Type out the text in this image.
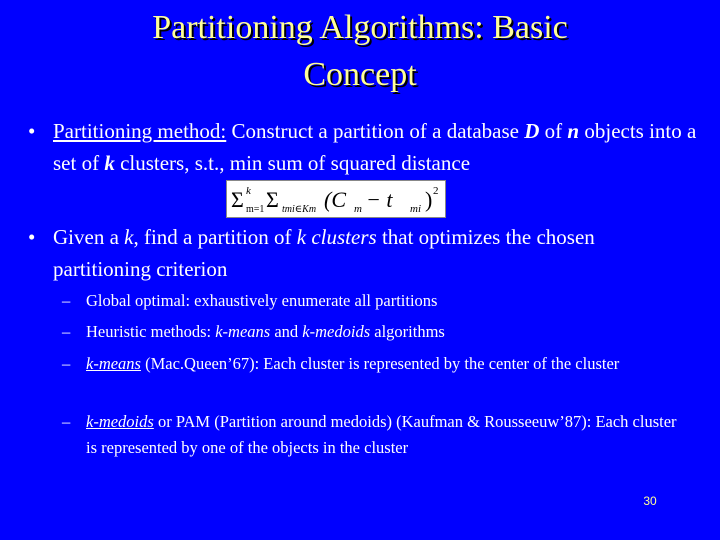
Partitioning Algorithms: Basic
Concept
• Partitioning method: Construct a partition of a database D of n objects into a set of k clusters, s.t., min sum of squared distance
Σ k
m=1 Σ tmi∈Km (C m − t mi ) 2
• Given a k, find a partition of k clusters that optimizes the chosen partitioning criterion
– Global optimal: exhaustively enumerate all partitions
– Heuristic methods: k-means and k-medoids algorithms
– k-means (Mac.Queen’67): Each cluster is represented by the center of the cluster
– k-medoids or PAM (Partition around medoids) (Kaufman & Rousseeuw’87): Each cluster is represented by one of the objects in the cluster
30
